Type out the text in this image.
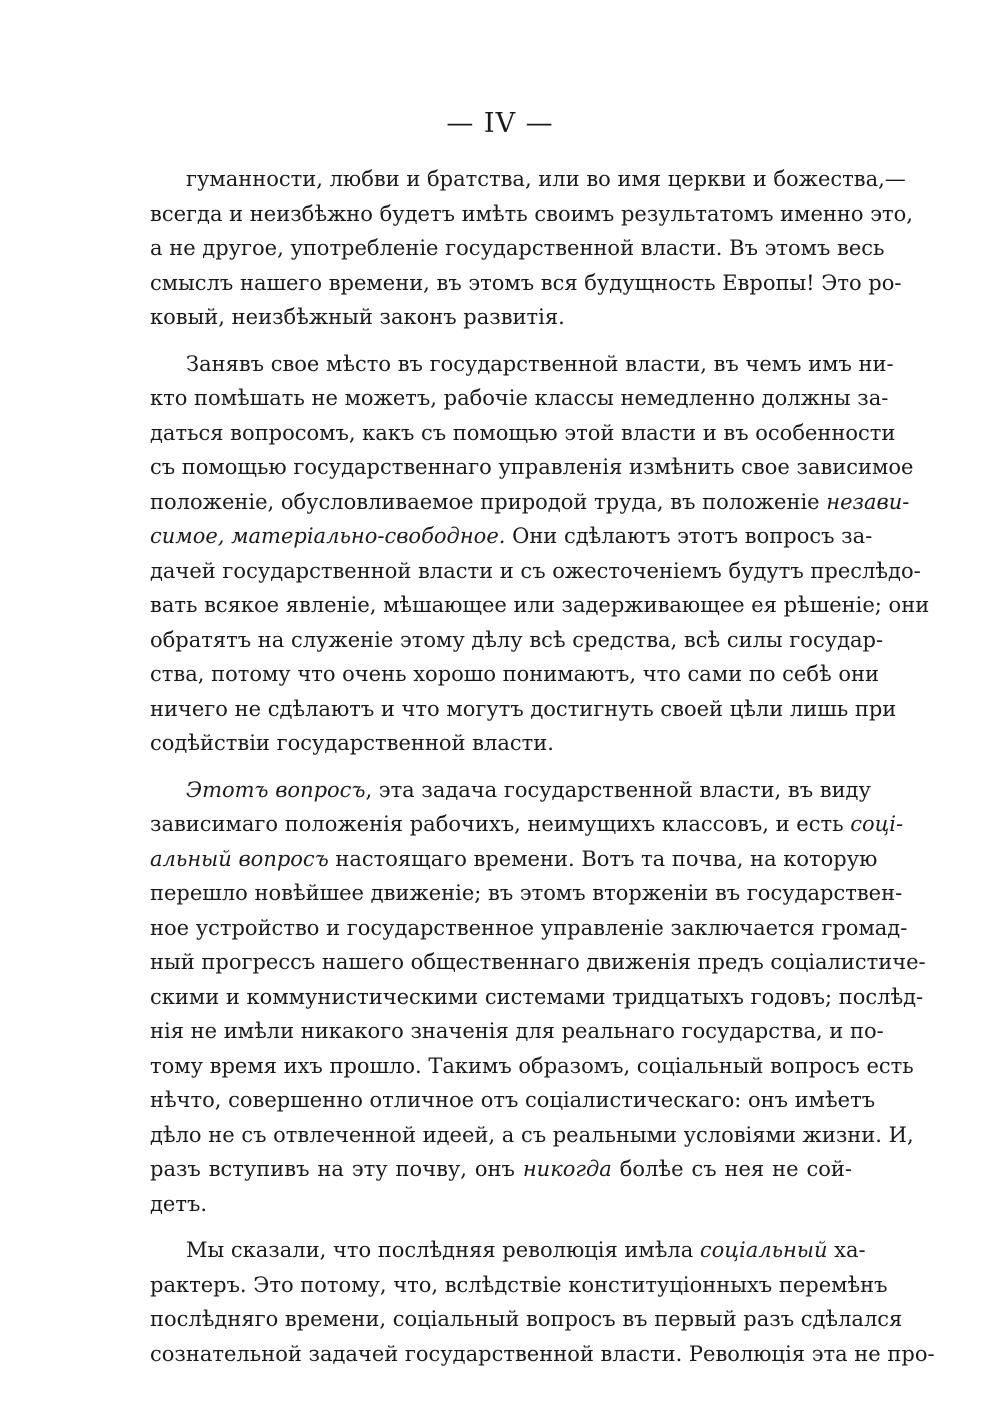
— IV —
гуманности, любви и братства, или во имя церкви и божества,—
всегда и неизбѣжно будетъ имѣть своимъ результатомъ именно это,
а не другое, употребленіе государственной власти. Въ этомъ весь
смыслъ нашего времени, въ этомъ вся будущность Европы! Это ро-
ковый, неизбѣжный законъ развитія.
Занявъ свое мѣсто въ государственной власти, въ чемъ имъ ни-
кто помѣшать не можетъ, рабочіе классы немедленно должны за-
даться вопросомъ, какъ съ помощью этой власти и въ особенности
съ помощью государственнаго управленія измѣнить свое зависимое
положеніе, обусловливаемое природой труда, въ положеніе незави-
симое, матеріально-свободное. Они сдѣлаютъ этотъ вопросъ за-
дачей государственной власти и съ ожесточеніемъ будутъ преслѣдо-
вать всякое явленіе, мѣшающее или задерживающее ея рѣшеніе; они
обратятъ на служеніе этому дѣлу всѣ средства, всѣ силы государ-
ства, потому что очень хорошо понимаютъ, что сами по себѣ они
ничего не сдѣлаютъ и что могутъ достигнуть своей цѣли лишь при
содѣйствіи государственной власти.
Этотъ вопросъ, эта задача государственной власти, въ виду
зависимаго положенія рабочихъ, неимущихъ классовъ, и есть соці-
альный вопросъ настоящаго времени. Вотъ та почва, на которую
перешло новѣйшее движеніе; въ этомъ вторженіи въ государствен-
ное устройство и государственное управленіе заключается громад-
ный прогрессъ нашего общественнаго движенія предъ соціалистиче-
скими и коммунистическими системами тридцатыхъ годовъ; послѣд-
нія не имѣли никакого значенія для реальнаго государства, и по-
тому время ихъ прошло. Такимъ образомъ, соціальный вопросъ есть
нѣчто, совершенно отличное отъ соціалистическаго: онъ имѣетъ
дѣло не съ отвлеченной идеей, а съ реальными условіями жизни. И,
разъ вступивъ на эту почву, онъ никогда болѣе съ нея не сой-
детъ.
Мы сказали, что послѣдняя революція имѣла соціальный ха-
рактеръ. Это потому, что, вслѣдствіе конституціонныхъ перемѣнъ
послѣдняго времени, соціальный вопросъ въ первый разъ сдѣлался
сознательной задачей государственной власти. Революція эта не про-
